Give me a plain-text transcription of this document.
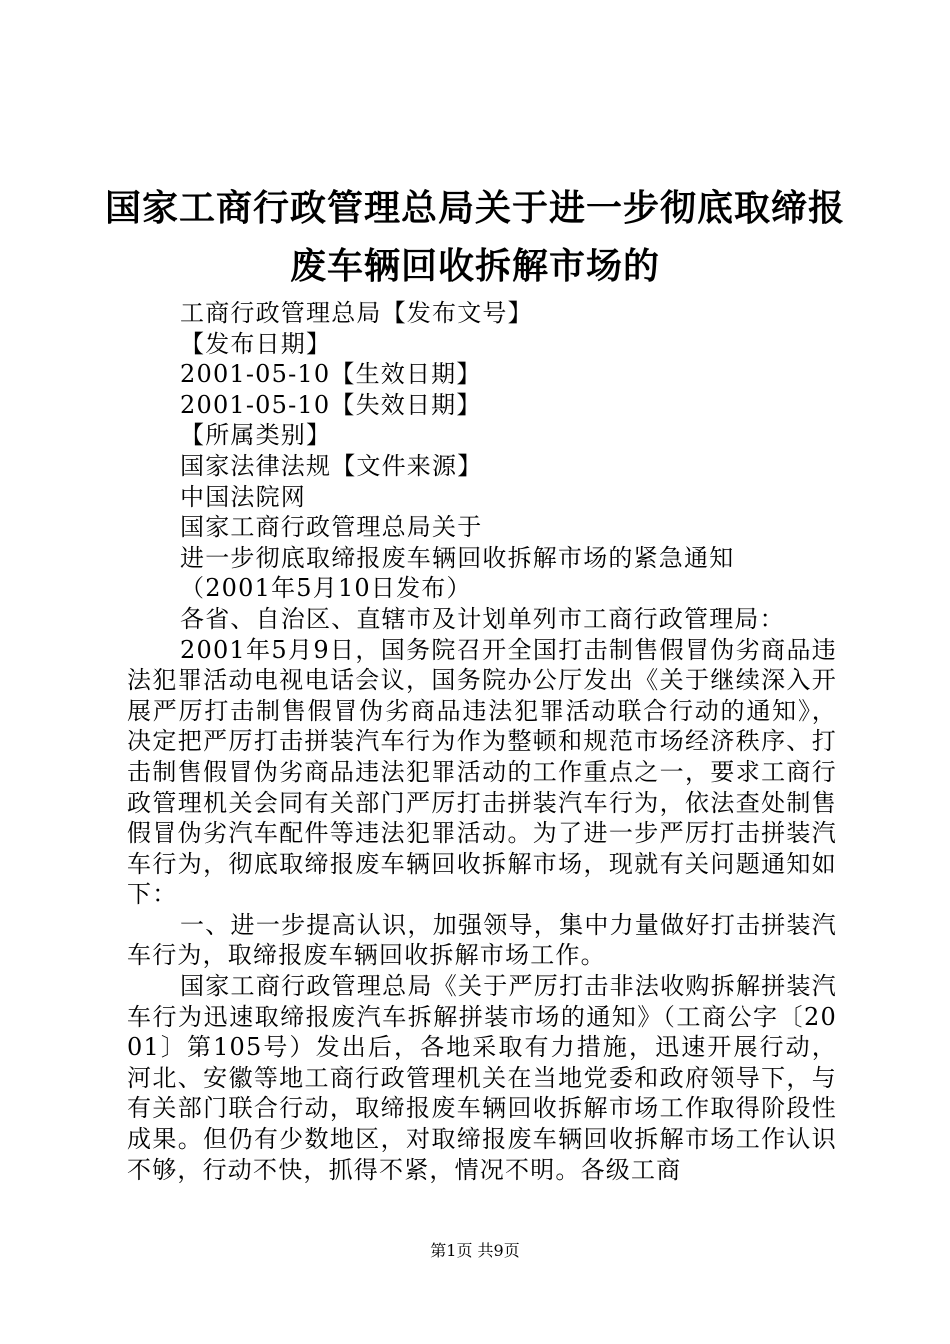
国家工商行政管理总局关于进一步彻底取缔报
废车辆回收拆解市场的

工商行政管理总局【发布文号】

【发布日期】

2001-05-10【生效日期】

2001-05-10【失效日期】

【所属类别】

国家法律法规【文件来源】

中国法院网

国家工商行政管理总局关于

进一步彻底取缔报废车辆回收拆解市场的紧急通知

（2001年5月10日发布）

各省、自治区、直辖市及计划单列市工商行政管理局：

2001年5月9日，国务院召开全国打击制售假冒伪劣商品违法犯罪活动电视电话会议，国务院办公厅发出《关于继续深入开展严厉打击制售假冒伪劣商品违法犯罪活动联合行动的通知》，决定把严厉打击拼装汽车行为作为整顿和规范市场经济秩序、打击制售假冒伪劣商品违法犯罪活动的工作重点之一，要求工商行政管理机关会同有关部门严厉打击拼装汽车行为，依法查处制售假冒伪劣汽车配件等违法犯罪活动。为了进一步严厉打击拼装汽车行为，彻底取缔报废车辆回收拆解市场，现就有关问题通知如下：

一、进一步提高认识，加强领导，集中力量做好打击拼装汽车行为，取缔报废车辆回收拆解市场工作。

国家工商行政管理总局《关于严厉打击非法收购拆解拼装汽车行为迅速取缔报废汽车拆解拼装市场的通知》（工商公字〔2001〕第105号）发出后，各地采取有力措施，迅速开展行动，河北、安徽等地工商行政管理机关在当地党委和政府领导下，与有关部门联合行动，取缔报废车辆回收拆解市场工作取得阶段性成果。但仍有少数地区，对取缔报废车辆回收拆解市场工作认识不够，行动不快，抓得不紧，情况不明。各级工商

第1页 共9页
